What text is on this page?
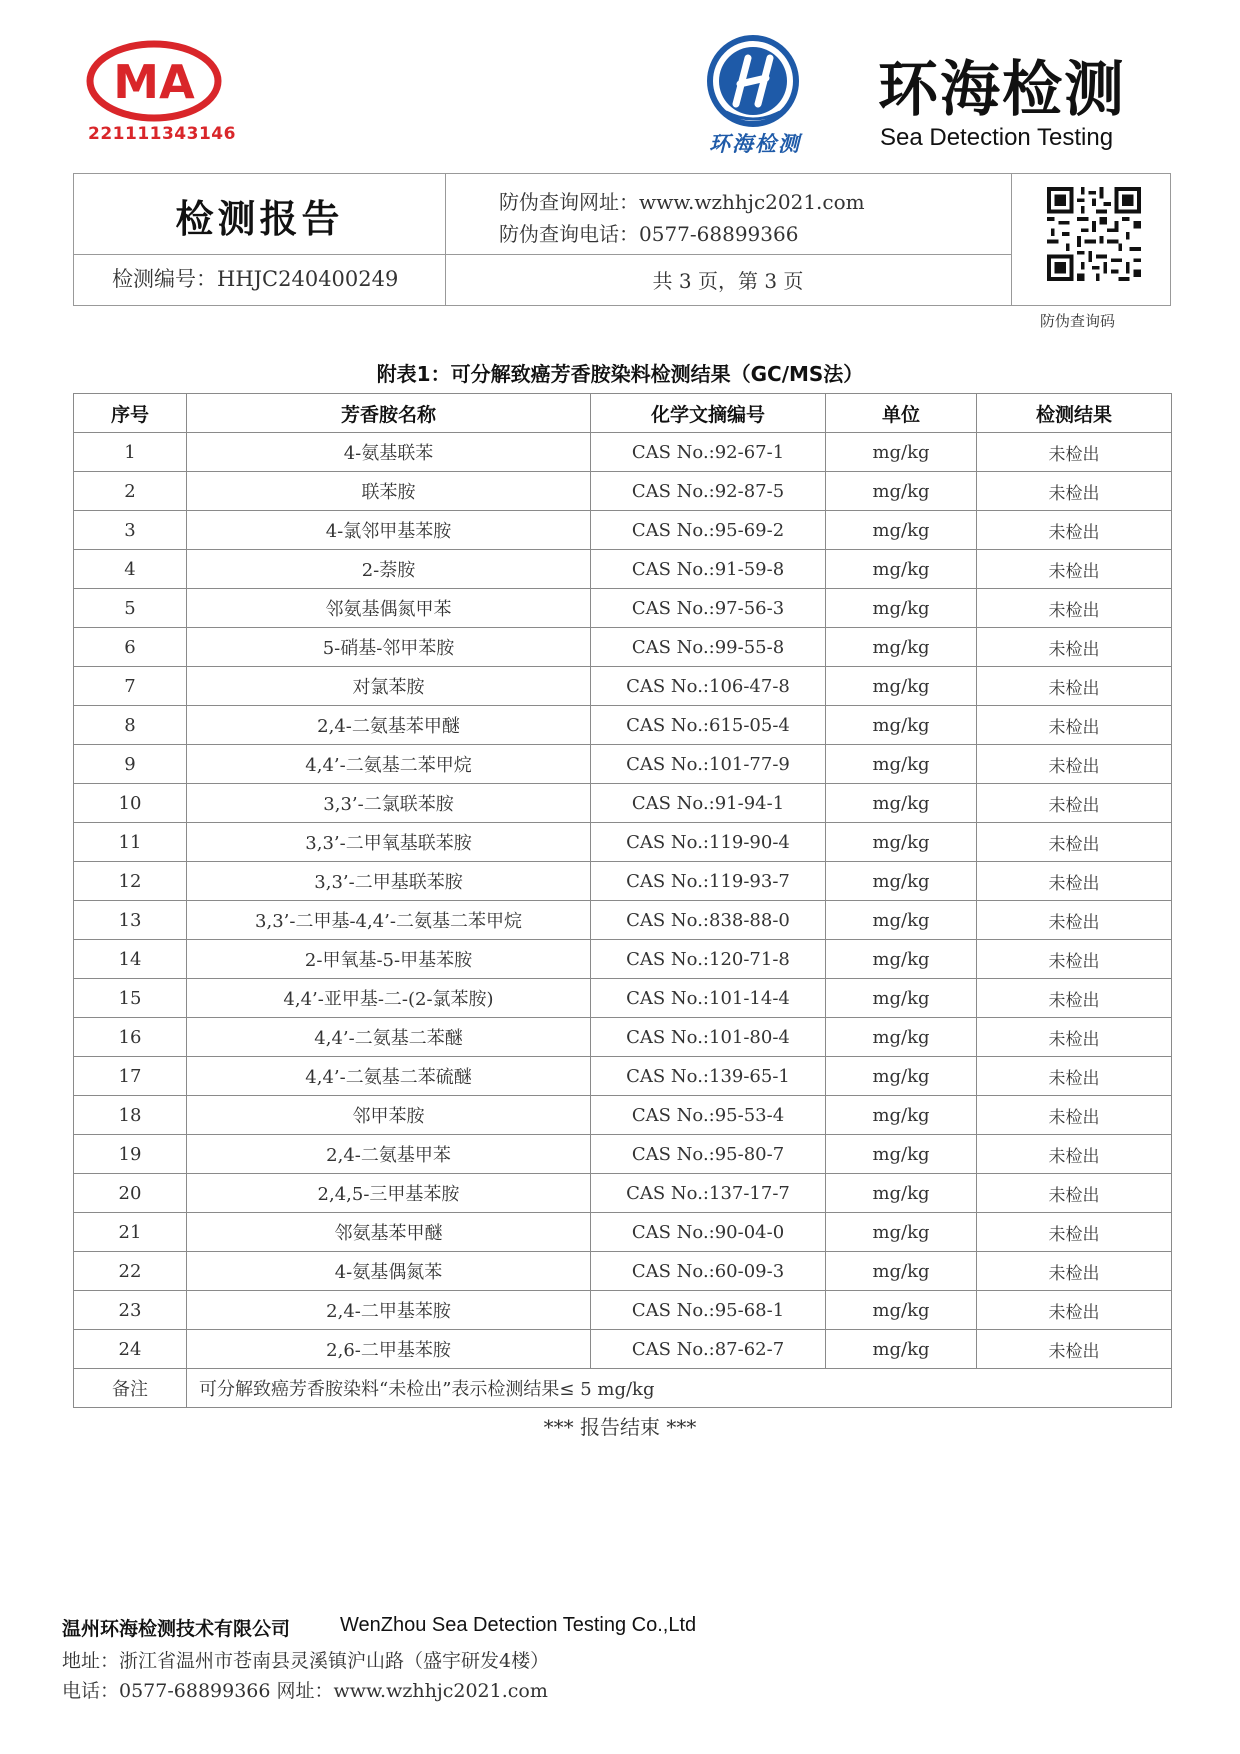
MA
221111343146	环海检测
环海检测
Sea Detection Testing
检测报告	防伪查询网址：www.wzhhjc2021.com
防伪查询电话：0577-68899366
检测编号：HHJC240400249	共 3 页，第 3 页
防伪查询码
附表1：可分解致癌芳香胺染料检测结果（GC/MS法）
序号	芳香胺名称	化学文摘编号	单位	检测结果
1	4-氨基联苯	CAS No.:92-67-1	mg/kg	未检出
2	联苯胺	CAS No.:92-87-5	mg/kg	未检出
3	4-氯邻甲基苯胺	CAS No.:95-69-2	mg/kg	未检出
4	2-萘胺	CAS No.:91-59-8	mg/kg	未检出
5	邻氨基偶氮甲苯	CAS No.:97-56-3	mg/kg	未检出
6	5-硝基-邻甲苯胺	CAS No.:99-55-8	mg/kg	未检出
7	对氯苯胺	CAS No.:106-47-8	mg/kg	未检出
8	2,4-二氨基苯甲醚	CAS No.:615-05-4	mg/kg	未检出
9	4,4’-二氨基二苯甲烷	CAS No.:101-77-9	mg/kg	未检出
10	3,3’-二氯联苯胺	CAS No.:91-94-1	mg/kg	未检出
11	3,3’-二甲氧基联苯胺	CAS No.:119-90-4	mg/kg	未检出
12	3,3’-二甲基联苯胺	CAS No.:119-93-7	mg/kg	未检出
13	3,3’-二甲基-4,4’-二氨基二苯甲烷	CAS No.:838-88-0	mg/kg	未检出
14	2-甲氧基-5-甲基苯胺	CAS No.:120-71-8	mg/kg	未检出
15	4,4’-亚甲基-二-(2-氯苯胺)	CAS No.:101-14-4	mg/kg	未检出
16	4,4’-二氨基二苯醚	CAS No.:101-80-4	mg/kg	未检出
17	4,4’-二氨基二苯硫醚	CAS No.:139-65-1	mg/kg	未检出
18	邻甲苯胺	CAS No.:95-53-4	mg/kg	未检出
19	2,4-二氨基甲苯	CAS No.:95-80-7	mg/kg	未检出
20	2,4,5-三甲基苯胺	CAS No.:137-17-7	mg/kg	未检出
21	邻氨基苯甲醚	CAS No.:90-04-0	mg/kg	未检出
22	4-氨基偶氮苯	CAS No.:60-09-3	mg/kg	未检出
23	2,4-二甲基苯胺	CAS No.:95-68-1	mg/kg	未检出
24	2,6-二甲基苯胺	CAS No.:87-62-7	mg/kg	未检出
备注	可分解致癌芳香胺染料“未检出”表示检测结果≤ 5 mg/kg			
*** 报告结束 ***
温州环海检测技术有限公司 WenZhou Sea Detection Testing Co.,Ltd
地址：浙江省温州市苍南县灵溪镇沪山路（盛宇研发4楼）
电话：0577-68899366 网址：www.wzhhjc2021.com
